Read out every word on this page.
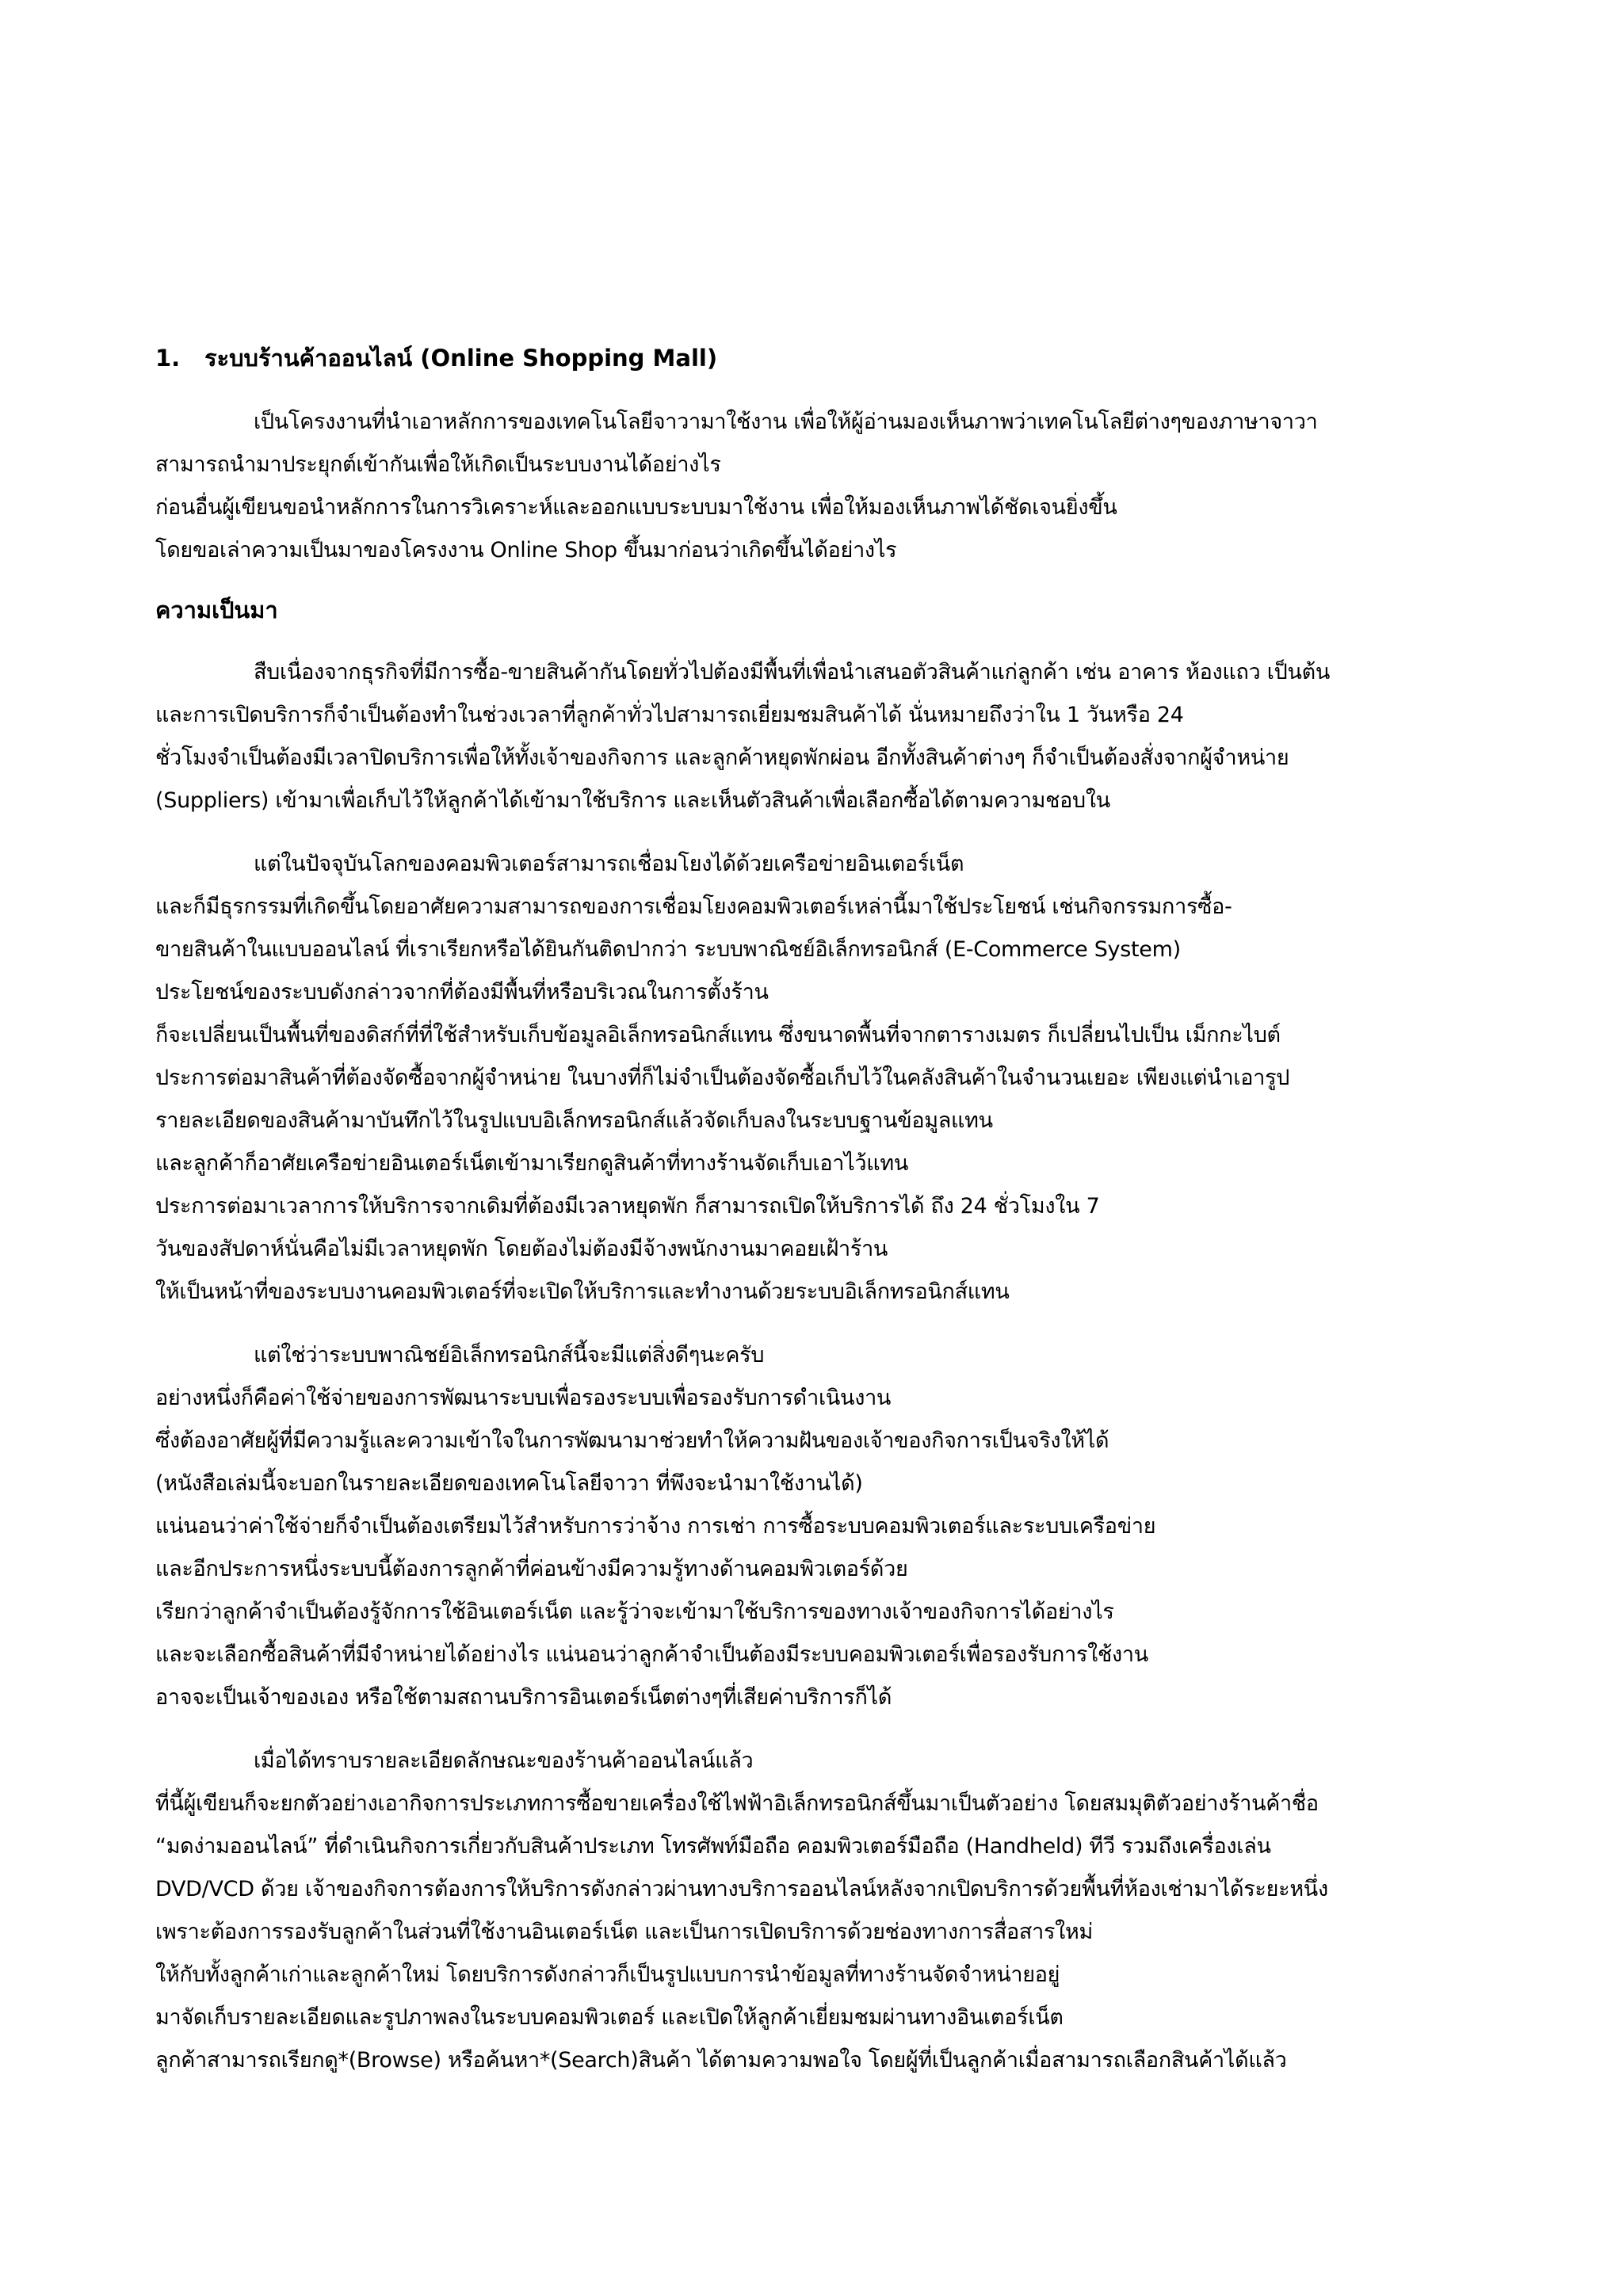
1.	ระบบร้านค้าออนไลน์ (Online Shopping Mall)
เป็นโครงงานที่นำเอาหลักการของเทคโนโลยีจาวามาใช้งาน เพื่อให้ผู้อ่านมองเห็นภาพว่าเทคโนโลยีต่างๆของภาษาจาวา
สามารถนำมาประยุกต์เข้ากันเพื่อให้เกิดเป็นระบบงานได้อย่างไร
ก่อนอื่นผู้เขียนขอนำหลักการในการวิเคราะห์และออกแบบระบบมาใช้งาน เพื่อให้มองเห็นภาพได้ชัดเจนยิ่งขึ้น
โดยขอเล่าความเป็นมาของโครงงาน Online Shop ขึ้นมาก่อนว่าเกิดขึ้นได้อย่างไร
ความเป็นมา
สืบเนื่องจากธุรกิจที่มีการซื้อ-ขายสินค้ากันโดยทั่วไปต้องมีพื้นที่เพื่อนำเสนอตัวสินค้าแก่ลูกค้า เช่น อาคาร ห้องแถว เป็นต้น
และการเปิดบริการก็จำเป็นต้องทำในช่วงเวลาที่ลูกค้าทั่วไปสามารถเยี่ยมชมสินค้าได้ นั่นหมายถึงว่าใน 1 วันหรือ 24
ชั่วโมงจำเป็นต้องมีเวลาปิดบริการเพื่อให้ทั้งเจ้าของกิจการ และลูกค้าหยุดพักผ่อน อีกทั้งสินค้าต่างๆ ก็จำเป็นต้องสั่งจากผู้จำหน่าย
(Suppliers) เข้ามาเพื่อเก็บไว้ให้ลูกค้าได้เข้ามาใช้บริการ และเห็นตัวสินค้าเพื่อเลือกซื้อได้ตามความชอบใน
แต่ในปัจจุบันโลกของคอมพิวเตอร์สามารถเชื่อมโยงได้ด้วยเครือข่ายอินเตอร์เน็ต
และก็มีธุรกรรมที่เกิดขึ้นโดยอาศัยความสามารถของการเชื่อมโยงคอมพิวเตอร์เหล่านี้มาใช้ประโยชน์ เช่นกิจกรรมการซื้อ-
ขายสินค้าในแบบออนไลน์ ที่เราเรียกหรือได้ยินกันติดปากว่า ระบบพาณิชย์อิเล็กทรอนิกส์ (E-Commerce System)
ประโยชน์ของระบบดังกล่าวจากที่ต้องมีพื้นที่หรือบริเวณในการตั้งร้าน
ก็จะเปลี่ยนเป็นพื้นที่ของดิสก์ที่ที่ใช้สำหรับเก็บข้อมูลอิเล็กทรอนิกส์แทน ซึ่งขนาดพื้นที่จากตารางเมตร ก็เปลี่ยนไปเป็น เม็กกะไบต์
ประการต่อมาสินค้าที่ต้องจัดซื้อจากผู้จำหน่าย ในบางที่ก็ไม่จำเป็นต้องจัดซื้อเก็บไว้ในคลังสินค้าในจำนวนเยอะ เพียงแต่นำเอารูป
รายละเอียดของสินค้ามาบันทึกไว้ในรูปแบบอิเล็กทรอนิกส์แล้วจัดเก็บลงในระบบฐานข้อมูลแทน
และลูกค้าก็อาศัยเครือข่ายอินเตอร์เน็ตเข้ามาเรียกดูสินค้าที่ทางร้านจัดเก็บเอาไว้แทน
ประการต่อมาเวลาการให้บริการจากเดิมที่ต้องมีเวลาหยุดพัก ก็สามารถเปิดให้บริการได้ ถึง 24 ชั่วโมงใน 7
วันของสัปดาห์นั่นคือไม่มีเวลาหยุดพัก โดยต้องไม่ต้องมีจ้างพนักงานมาคอยเฝ้าร้าน
ให้เป็นหน้าที่ของระบบงานคอมพิวเตอร์ที่จะเปิดให้บริการและทำงานด้วยระบบอิเล็กทรอนิกส์แทน
แต่ใช่ว่าระบบพาณิชย์อิเล็กทรอนิกส์นี้จะมีแต่สิ่งดีๆนะครับ
อย่างหนึ่งก็คือค่าใช้จ่ายของการพัฒนาระบบเพื่อรองระบบเพื่อรองรับการดำเนินงาน
ซึ่งต้องอาศัยผู้ที่มีความรู้และความเข้าใจในการพัฒนามาช่วยทำให้ความฝันของเจ้าของกิจการเป็นจริงให้ได้
(หนังสือเล่มนี้จะบอกในรายละเอียดของเทคโนโลยีจาวา ที่พึงจะนำมาใช้งานได้)
แน่นอนว่าค่าใช้จ่ายก็จำเป็นต้องเตรียมไว้สำหรับการว่าจ้าง การเช่า การซื้อระบบคอมพิวเตอร์และระบบเครือข่าย
และอีกประการหนึ่งระบบนี้ต้องการลูกค้าที่ค่อนข้างมีความรู้ทางด้านคอมพิวเตอร์ด้วย
เรียกว่าลูกค้าจำเป็นต้องรู้จักการใช้อินเตอร์เน็ต และรู้ว่าจะเข้ามาใช้บริการของทางเจ้าของกิจการได้อย่างไร
และจะเลือกซื้อสินค้าที่มีจำหน่ายได้อย่างไร แน่นอนว่าลูกค้าจำเป็นต้องมีระบบคอมพิวเตอร์เพื่อรองรับการใช้งาน
อาจจะเป็นเจ้าของเอง หรือใช้ตามสถานบริการอินเตอร์เน็ตต่างๆที่เสียค่าบริการก็ได้
เมื่อได้ทราบรายละเอียดลักษณะของร้านค้าออนไลน์แล้ว
ที่นี้ผู้เขียนก็จะยกตัวอย่างเอากิจการประเภทการซื้อขายเครื่องใช้ไฟฟ้าอิเล็กทรอนิกส์ขึ้นมาเป็นตัวอย่าง โดยสมมุติตัวอย่างร้านค้าชื่อ
“มดง่ามออนไลน์” ที่ดำเนินกิจการเกี่ยวกับสินค้าประเภท โทรศัพท์มือถือ คอมพิวเตอร์มือถือ (Handheld) ทีวี รวมถึงเครื่องเล่น
DVD/VCD ด้วย เจ้าของกิจการต้องการให้บริการดังกล่าวผ่านทางบริการออนไลน์หลังจากเปิดบริการด้วยพื้นที่ห้องเช่ามาได้ระยะหนึ่ง
เพราะต้องการรองรับลูกค้าในส่วนที่ใช้งานอินเตอร์เน็ต และเป็นการเปิดบริการด้วยช่องทางการสื่อสารใหม่
ให้กับทั้งลูกค้าเก่าและลูกค้าใหม่ โดยบริการดังกล่าวก็เป็นรูปแบบการนำข้อมูลที่ทางร้านจัดจำหน่ายอยู่
มาจัดเก็บรายละเอียดและรูปภาพลงในระบบคอมพิวเตอร์ และเปิดให้ลูกค้าเยี่ยมชมผ่านทางอินเตอร์เน็ต
ลูกค้าสามารถเรียกดู*(Browse) หรือค้นหา*(Search)สินค้า ได้ตามความพอใจ โดยผู้ที่เป็นลูกค้าเมื่อสามารถเลือกสินค้าได้แล้ว
